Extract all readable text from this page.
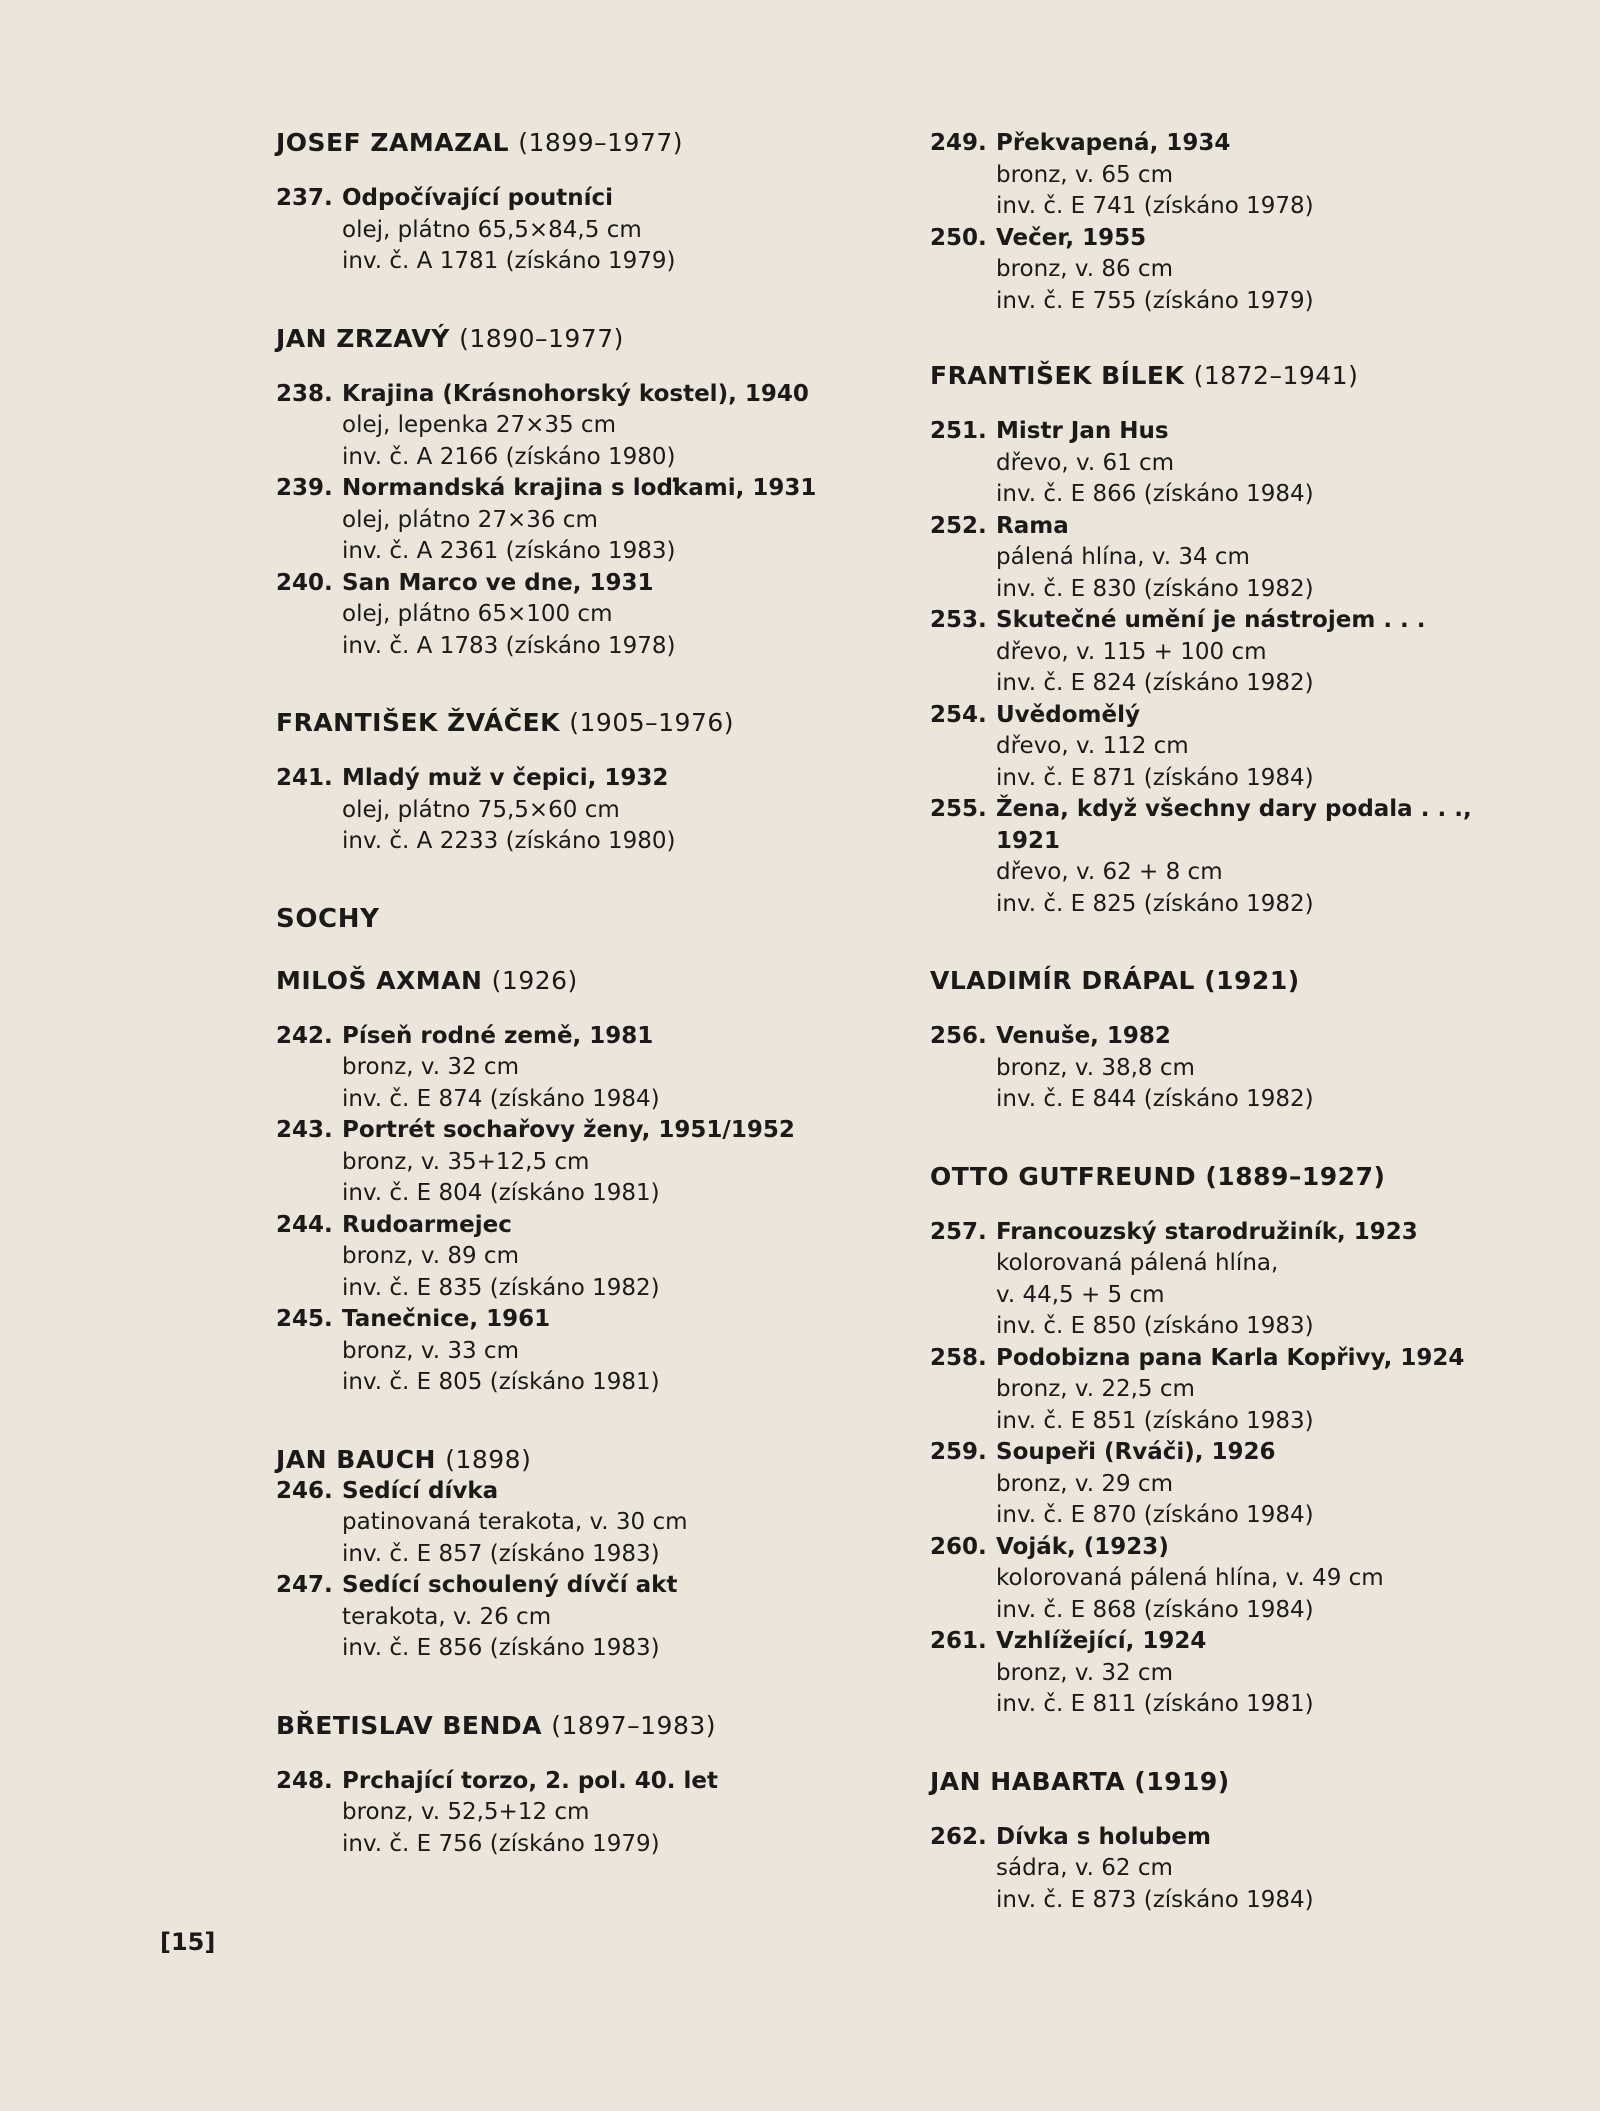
JOSEF ZAMAZAL (1899–1977)
237. Odpočívající poutníci
olej, plátno 65,5×84,5 cm
inv. č. A 1781 (získáno 1979)
JAN ZRZAVÝ (1890–1977)
238. Krajina (Krásnohorský kostel), 1940
olej, lepenka 27×35 cm
inv. č. A 2166 (získáno 1980)
239. Normandská krajina s loďkami, 1931
olej, plátno 27×36 cm
inv. č. A 2361 (získáno 1983)
240. San Marco ve dne, 1931
olej, plátno 65×100 cm
inv. č. A 1783 (získáno 1978)
FRANTIŠEK ŽVÁČEK (1905–1976)
241. Mladý muž v čepici, 1932
olej, plátno 75,5×60 cm
inv. č. A 2233 (získáno 1980)
SOCHY
MILOŠ AXMAN (1926)
242. Píseň rodné země, 1981
bronz, v. 32 cm
inv. č. E 874 (získáno 1984)
243. Portrét sochařovy ženy, 1951/1952
bronz, v. 35+12,5 cm
inv. č. E 804 (získáno 1981)
244. Rudoarmejec
bronz, v. 89 cm
inv. č. E 835 (získáno 1982)
245. Tanečnice, 1961
bronz, v. 33 cm
inv. č. E 805 (získáno 1981)
JAN BAUCH (1898)
246. Sedící dívka
patinovaná terakota, v. 30 cm
inv. č. E 857 (získáno 1983)
247. Sedící schoulený dívčí akt
terakota, v. 26 cm
inv. č. E 856 (získáno 1983)
BŘETISLAV BENDA (1897–1983)
248. Prchající torzo, 2. pol. 40. let
bronz, v. 52,5+12 cm
inv. č. E 756 (získáno 1979)
249. Překvapená, 1934
bronz, v. 65 cm
inv. č. E 741 (získáno 1978)
250. Večer, 1955
bronz, v. 86 cm
inv. č. E 755 (získáno 1979)
FRANTIŠEK BÍLEK (1872–1941)
251. Mistr Jan Hus
dřevo, v. 61 cm
inv. č. E 866 (získáno 1984)
252. Rama
pálená hlína, v. 34 cm
inv. č. E 830 (získáno 1982)
253. Skutečné umění je nástrojem . . .
dřevo, v. 115 + 100 cm
inv. č. E 824 (získáno 1982)
254. Uvědomělý
dřevo, v. 112 cm
inv. č. E 871 (získáno 1984)
255. Žena, když všechny dary podala . . ., 1921
dřevo, v. 62 + 8 cm
inv. č. E 825 (získáno 1982)
VLADIMÍR DRÁPAL (1921)
256. Venuše, 1982
bronz, v. 38,8 cm
inv. č. E 844 (získáno 1982)
OTTO GUTFREUND (1889–1927)
257. Francouzský starodružiník, 1923
kolorovaná pálená hlína,
v. 44,5 + 5 cm
inv. č. E 850 (získáno 1983)
258. Podobizna pana Karla Kopřivy, 1924
bronz, v. 22,5 cm
inv. č. E 851 (získáno 1983)
259. Soupeři (Rváči), 1926
bronz, v. 29 cm
inv. č. E 870 (získáno 1984)
260. Voják, (1923)
kolorovaná pálená hlína, v. 49 cm
inv. č. E 868 (získáno 1984)
261. Vzhlížející, 1924
bronz, v. 32 cm
inv. č. E 811 (získáno 1981)
JAN HABARTA (1919)
262. Dívka s holubem
sádra, v. 62 cm
inv. č. E 873 (získáno 1984)
[15]
